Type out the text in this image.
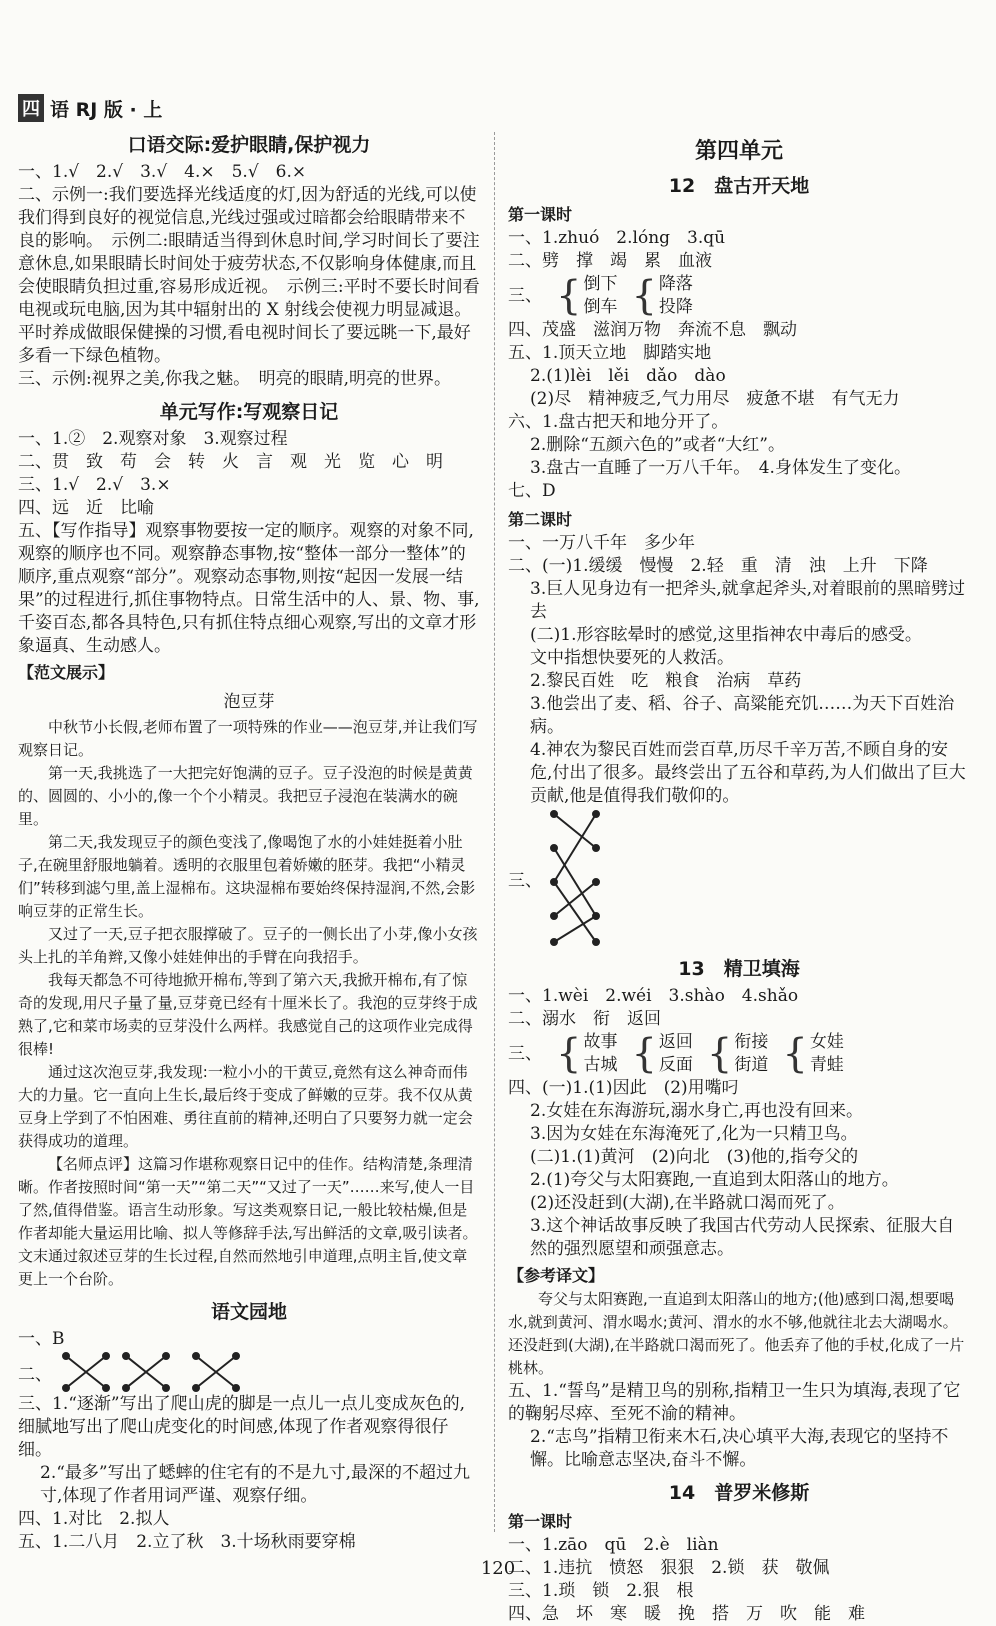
四 语 RJ 版 · 上
口语交际:爱护眼睛,保护视力

一、1.√　2.√　3.√　4.×　5.√　6.×

二、示例一:我们要选择光线适度的灯,因为舒适的光线,可以使我们得到良好的视觉信息,光线过强或过暗都会给眼睛带来不良的影响。　示例二:眼睛适当得到休息时间,学习时间长了要注意休息,如果眼睛长时间处于疲劳状态,不仅影响身体健康,而且会使眼睛负担过重,容易形成近视。　示例三:平时不要长时间看电视或玩电脑,因为其中辐射出的 X 射线会使视力明显减退。平时养成做眼保健操的习惯,看电视时间长了要远眺一下,最好多看一下绿色植物。

三、示例:视界之美,你我之魅。　明亮的眼睛,明亮的世界。

单元写作:写观察日记

一、1.②　2.观察对象　3.观察过程

二、贯　致　苟　会　转　火　言　观　光　览　心　明

三、1.√　2.√　3.×

四、远　近　比喻

五、【写作指导】观察事物要按一定的顺序。观察的对象不同,观察的顺序也不同。观察静态事物,按“整体一部分一整体”的顺序,重点观察“部分”。观察动态事物,则按“起因一发展一结果”的过程进行,抓住事物特点。日常生活中的人、景、物、事,千姿百态,都各具特色,只有抓住特点细心观察,写出的文章才形象逼真、生动感人。

【范文展示】
泡豆芽

中秋节小长假,老师布置了一项特殊的作业——泡豆芽,并让我们写观察日记。

第一天,我挑选了一大把完好饱满的豆子。豆子没泡的时候是黄黄的、圆圆的、小小的,像一个个小精灵。我把豆子浸泡在装满水的碗里。

第二天,我发现豆子的颜色变浅了,像喝饱了水的小娃娃挺着小肚子,在碗里舒服地躺着。透明的衣服里包着娇嫩的胚芽。我把“小精灵们”转移到滤勺里,盖上湿棉布。这块湿棉布要始终保持湿润,不然,会影响豆芽的正常生长。

又过了一天,豆子把衣服撑破了。豆子的一侧长出了小芽,像小女孩头上扎的羊角辫,又像小娃娃伸出的手臂在向我招手。

我每天都急不可待地掀开棉布,等到了第六天,我掀开棉布,有了惊奇的发现,用尺子量了量,豆芽竟已经有十厘米长了。我泡的豆芽终于成熟了,它和菜市场卖的豆芽没什么两样。我感觉自己的这项作业完成得很棒!

通过这次泡豆芽,我发现:一粒小小的干黄豆,竟然有这么神奇而伟大的力量。它一直向上生长,最后终于变成了鲜嫩的豆芽。我不仅从黄豆身上学到了不怕困难、勇往直前的精神,还明白了只要努力就一定会获得成功的道理。

【名师点评】这篇习作堪称观察日记中的佳作。结构清楚,条理清晰。作者按照时间“第一天”“第二天”“又过了一天”……来写,使人一目了然,值得借鉴。语言生动形象。写这类观察日记,一般比较枯燥,但是作者却能大量运用比喻、拟人等修辞手法,写出鲜活的文章,吸引读者。文末通过叙述豆芽的生长过程,自然而然地引申道理,点明主旨,使文章更上一个台阶。

语文园地

一、B

二、

三、1.“逐渐”写出了爬山虎的脚是一点儿一点儿变成灰色的,细腻地写出了爬山虎变化的时间感,体现了作者观察得很仔细。

2.“最多”写出了蟋蟀的住宅有的不是九寸,最深的不超过九寸,体现了作者用词严谨、观察仔细。

四、1.对比　2.拟人

五、1.二八月　2.立了秋　3.十场秋雨要穿棉

第四单元
12　盘古开天地
第一课时

一、1.zhuó　2.lóng　3.qū

二、劈　撑　竭　累　血液

三、 { 倒下
倒车 { 降落
投降

四、茂盛　滋润万物　奔流不息　飘动

五、1.顶天立地　脚踏实地

2.(1)lèi　lěi　dǎo　dào

(2)尽　精神疲乏,气力用尽　疲惫不堪　有气无力

六、1.盘古把天和地分开了。

2.删除“五颜六色的”或者“大红”。

3.盘古一直睡了一万八千年。　4.身体发生了变化。

七、D

第二课时

一、一万八千年　多少年

二、(一)1.缓缓　慢慢　2.轻　重　清　浊　上升　下降

3.巨人见身边有一把斧头,就拿起斧头,对着眼前的黑暗劈过去

(二)1.形容眩晕时的感觉,这里指神农中毒后的感受。

文中指想快要死的人救活。

2.黎民百姓　吃　粮食　治病　草药

3.他尝出了麦、稻、谷子、高粱能充饥……为天下百姓治病。

4.神农为黎民百姓而尝百草,历尽千辛万苦,不顾自身的安危,付出了很多。最终尝出了五谷和草药,为人们做出了巨大贡献,他是值得我们敬仰的。

三、
13　精卫填海

一、1.wèi　2.wéi　3.shào　4.shǎo

二、溺水　衔　返回

三、 { 故事
古城 { 返回
反面 { 衔接
街道 { 女娃
青蛙

四、(一)1.(1)因此　(2)用嘴叼

2.女娃在东海游玩,溺水身亡,再也没有回来。

3.因为女娃在东海淹死了,化为一只精卫鸟。

(二)1.(1)黄河　(2)向北　(3)他的,指夸父的

2.(1)夸父与太阳赛跑,一直追到太阳落山的地方。

(2)还没赶到(大湖),在半路就口渴而死了。

3.这个神话故事反映了我国古代劳动人民探索、征服大自然的强烈愿望和顽强意志。

【参考译文】

夸父与太阳赛跑,一直追到太阳落山的地方;(他)感到口渴,想要喝水,就到黄河、渭水喝水;黄河、渭水的水不够,他就往北去大湖喝水。还没赶到(大湖),在半路就口渴而死了。他丢弃了他的手杖,化成了一片桃林。

五、1.“誓鸟”是精卫鸟的别称,指精卫一生只为填海,表现了它的鞠躬尽瘁、至死不渝的精神。

2.“志鸟”指精卫衔来木石,决心填平大海,表现它的坚持不懈。比喻意志坚决,奋斗不懈。

14　普罗米修斯
第一课时

一、1.zāo　qū　2.è　liàn

二、1.违抗　愤怒　狠狠　2.锁　获　敬佩

三、1.琐　锁　2.狠　根

四、急　坏　寒　暖　挽　搭　万　吹　能　难

120
